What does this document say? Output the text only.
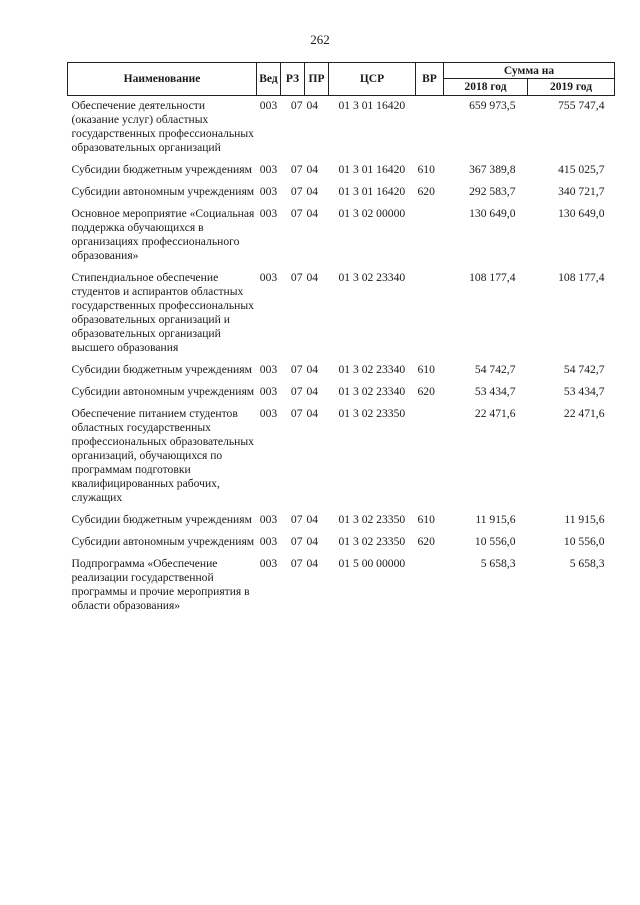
262
Наименование	Вед	РЗ	ПР	ЦСР	ВР	Сумма на	
						2018 год	2019 год
Обеспечение деятельности (оказание услуг) областных государственных профессиональных образовательных организаций	003	07	04	01 3 01 16420		659 973,5	755 747,4
Субсидии бюджетным учреждениям	003	07	04	01 3 01 16420	610	367 389,8	415 025,7
Субсидии автономным учреждениям	003	07	04	01 3 01 16420	620	292 583,7	340 721,7
Основное мероприятие «Социальная поддержка обучающихся в организациях профессионального образования»	003	07	04	01 3 02 00000		130 649,0	130 649,0
Стипендиальное обеспечение студентов и аспирантов областных государственных профессиональных образовательных организаций и образовательных организаций высшего образования	003	07	04	01 3 02 23340		108 177,4	108 177,4
Субсидии бюджетным учреждениям	003	07	04	01 3 02 23340	610	54 742,7	54 742,7
Субсидии автономным учреждениям	003	07	04	01 3 02 23340	620	53 434,7	53 434,7
Обеспечение питанием студентов областных государственных профессиональных образовательных организаций, обучающихся по программам подготовки квалифицированных рабочих, служащих	003	07	04	01 3 02 23350		22 471,6	22 471,6
Субсидии бюджетным учреждениям	003	07	04	01 3 02 23350	610	11 915,6	11 915,6
Субсидии автономным учреждениям	003	07	04	01 3 02 23350	620	10 556,0	10 556,0
Подпрограмма «Обеспечение реализации государственной программы и прочие мероприятия в области образования»	003	07	04	01 5 00 00000		5 658,3	5 658,3
